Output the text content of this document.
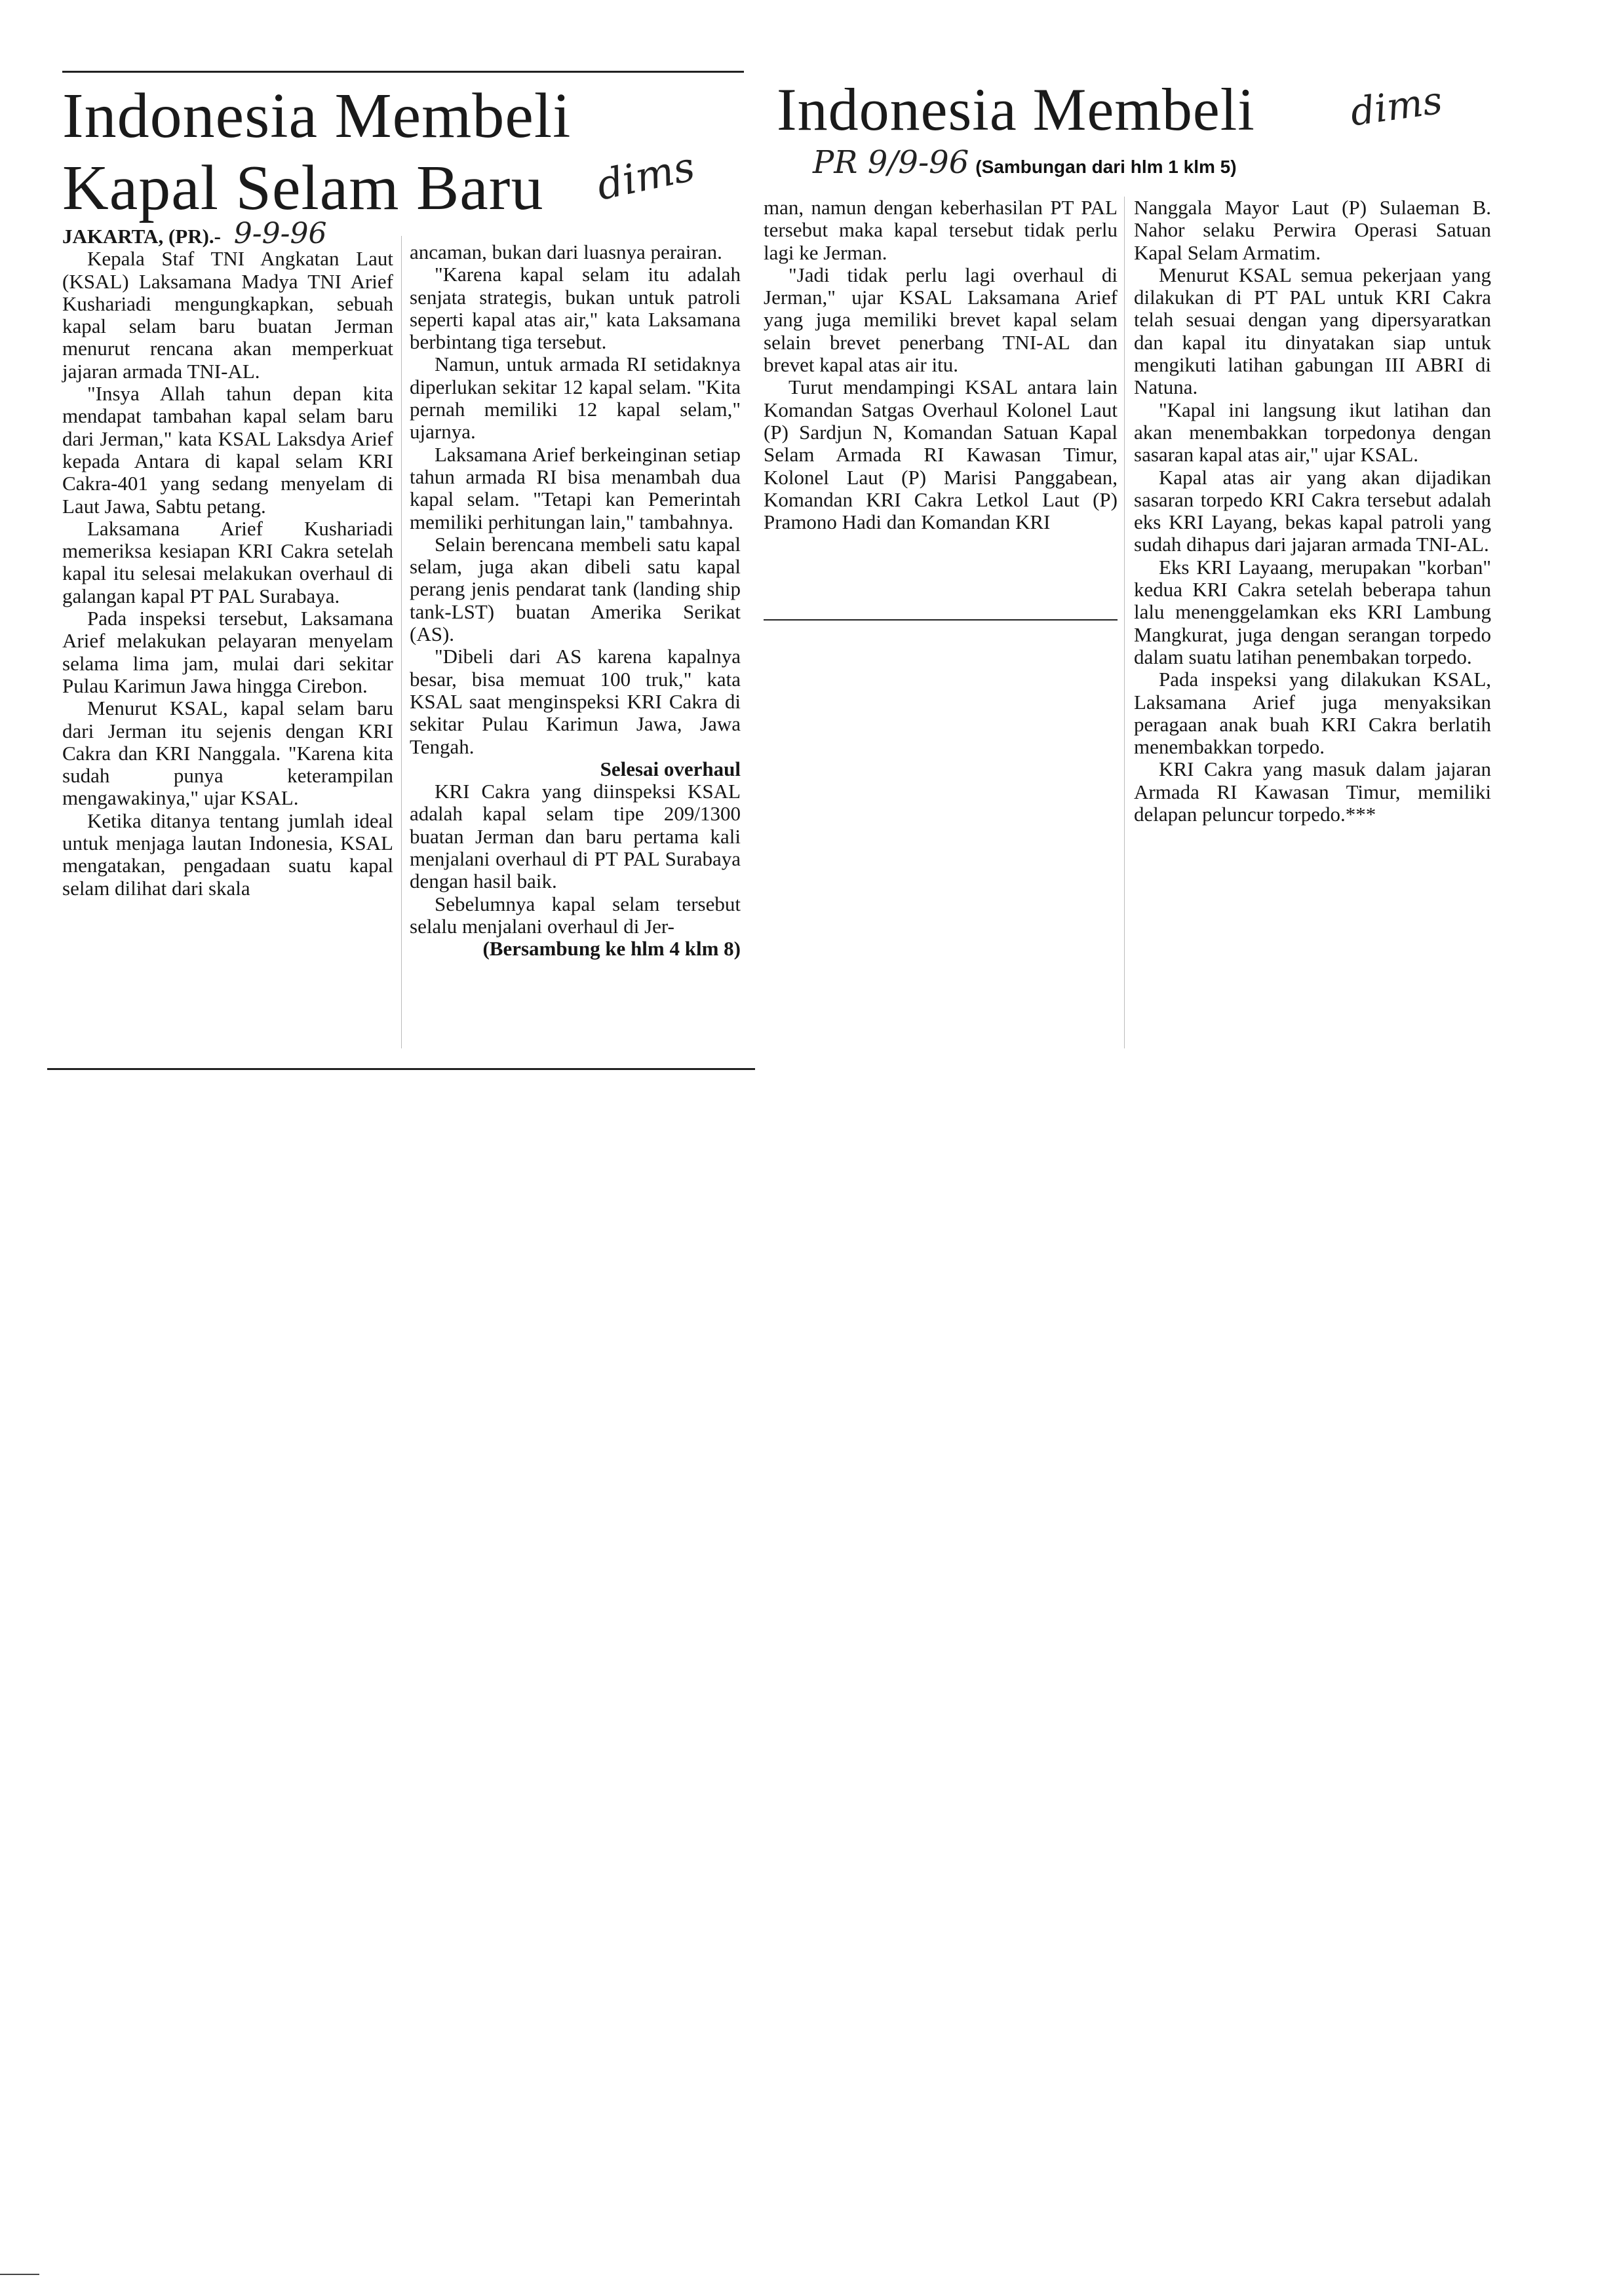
Indonesia Membeli
Kapal Selam Baru dims

JAKARTA, (PR).- 9-9-96

Kepala Staf TNI Angkatan Laut (KSAL) Laksamana Madya TNI Arief Kushariadi mengungkapkan, sebuah kapal selam baru buatan Jerman menurut rencana akan memperkuat jajaran armada TNI-AL.

"Insya Allah tahun depan kita mendapat tambahan kapal selam baru dari Jerman," kata KSAL Laksdya Arief kepada Antara di kapal selam KRI Cakra-401 yang sedang menyelam di Laut Jawa, Sabtu petang.

Laksamana Arief Kushariadi memeriksa kesiapan KRI Cakra setelah kapal itu selesai melakukan overhaul di galangan kapal PT PAL Surabaya.

Pada inspeksi tersebut, Laksamana Arief melakukan pelayaran menyelam selama lima jam, mulai dari sekitar Pulau Karimun Jawa hingga Cirebon.

Menurut KSAL, kapal selam baru dari Jerman itu sejenis dengan KRI Cakra dan KRI Nanggala. "Karena kita sudah punya keterampilan mengawakinya," ujar KSAL.

Ketika ditanya tentang jumlah ideal untuk menjaga lautan Indonesia, KSAL mengatakan, pengadaan suatu kapal selam dilihat dari skala

ancaman, bukan dari luasnya perairan.

"Karena kapal selam itu adalah senjata strategis, bukan untuk patroli seperti kapal atas air," kata Laksamana berbintang tiga tersebut.

Namun, untuk armada RI setidaknya diperlukan sekitar 12 kapal selam. "Kita pernah memiliki 12 kapal selam," ujarnya.

Laksamana Arief berkeinginan setiap tahun armada RI bisa menambah dua kapal selam. "Tetapi kan Pemerintah memiliki perhitungan lain," tambahnya.

Selain berencana membeli satu kapal selam, juga akan dibeli satu kapal perang jenis pendarat tank (landing ship tank-LST) buatan Amerika Serikat (AS).

"Dibeli dari AS karena kapalnya besar, bisa memuat 100 truk," kata KSAL saat menginspeksi KRI Cakra di sekitar Pulau Karimun Jawa, Jawa Tengah.

Selesai overhaul

KRI Cakra yang diinspeksi KSAL adalah kapal selam tipe 209/1300 buatan Jerman dan baru pertama kali menjalani overhaul di PT PAL Surabaya dengan hasil baik.

Sebelumnya kapal selam tersebut selalu menjalani overhaul di Jer-

(Bersambung ke hlm 4 klm 8)

Indonesia Membeli dims
PR 9/9-96 (Sambungan dari hlm 1 klm 5)

man, namun dengan keberhasilan PT PAL tersebut maka kapal tersebut tidak perlu lagi ke Jerman.

"Jadi tidak perlu lagi overhaul di Jerman," ujar KSAL Laksamana Arief yang juga memiliki brevet kapal selam selain brevet penerbang TNI-AL dan brevet kapal atas air itu.

Turut mendampingi KSAL antara lain Komandan Satgas Overhaul Kolonel Laut (P) Sardjun N, Komandan Satuan Kapal Selam Armada RI Kawasan Timur, Kolonel Laut (P) Marisi Panggabean, Komandan KRI Cakra Letkol Laut (P) Pramono Hadi dan Komandan KRI

Nanggala Mayor Laut (P) Sulaeman B. Nahor selaku Perwira Operasi Satuan Kapal Selam Armatim.

Menurut KSAL semua pekerjaan yang dilakukan di PT PAL untuk KRI Cakra telah sesuai dengan yang dipersyaratkan dan kapal itu dinyatakan siap untuk mengikuti latihan gabungan III ABRI di Natuna.

"Kapal ini langsung ikut latihan dan akan menembakkan torpedonya dengan sasaran kapal atas air," ujar KSAL.

Kapal atas air yang akan dijadikan sasaran torpedo KRI Cakra tersebut adalah eks KRI Layang, bekas kapal patroli yang sudah dihapus dari jajaran armada TNI-AL.

Eks KRI Layaang, merupakan "korban" kedua KRI Cakra setelah beberapa tahun lalu menenggelamkan eks KRI Lambung Mangkurat, juga dengan serangan torpedo dalam suatu latihan penembakan torpedo.

Pada inspeksi yang dilakukan KSAL, Laksamana Arief juga menyaksikan peragaan anak buah KRI Cakra berlatih menembakkan torpedo.

KRI Cakra yang masuk dalam jajaran Armada RI Kawasan Timur, memiliki delapan peluncur torpedo.***
